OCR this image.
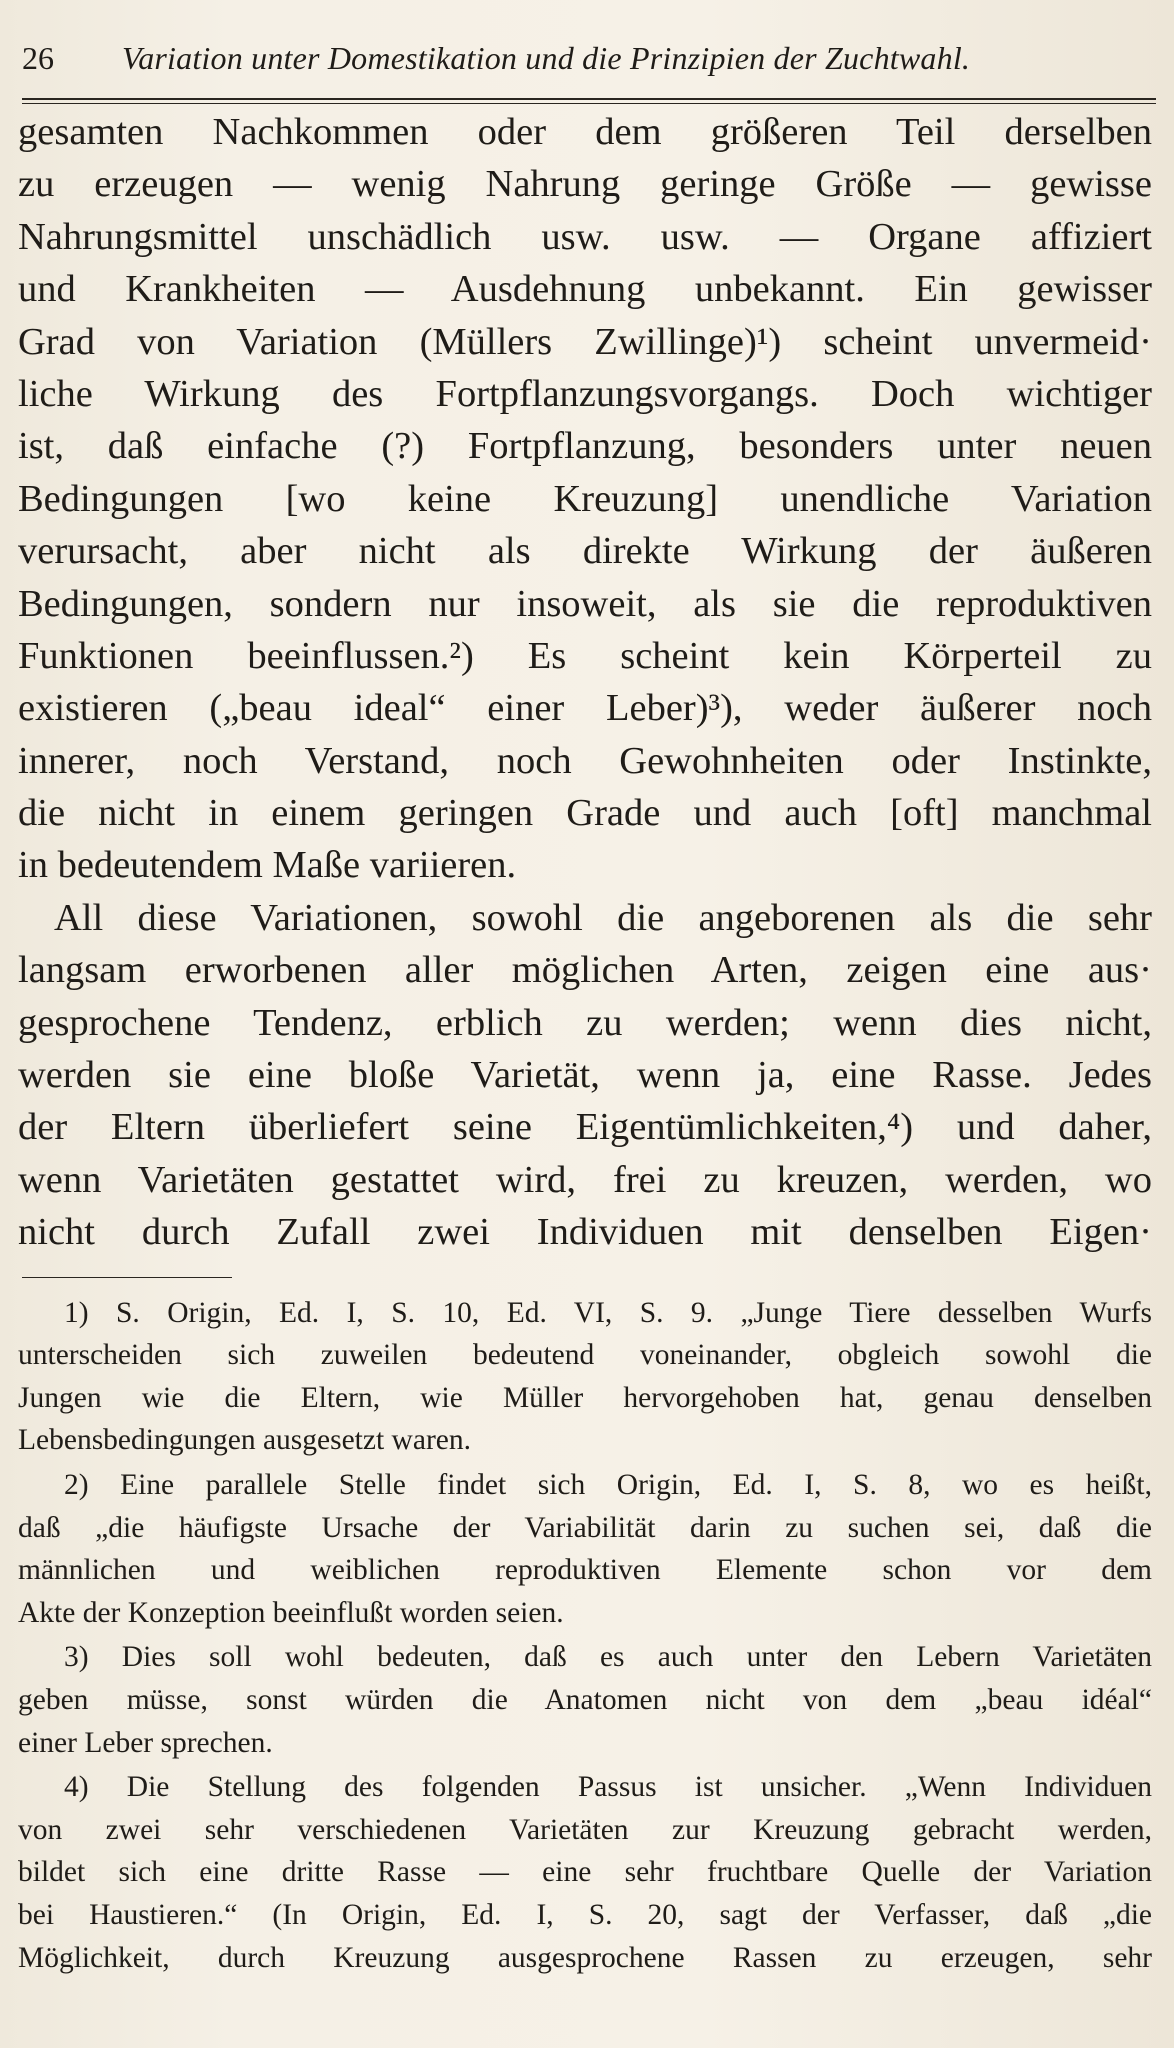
26	Variation unter Domestikation und die Prinzipien der Zuchtwahl.
gesamten Nachkommen oder dem größeren Teil derselben
zu erzeugen — wenig Nahrung geringe Größe — gewisse
Nahrungsmittel unschädlich usw. usw. — Organe affiziert
und Krankheiten — Ausdehnung unbekannt. Ein gewisser
Grad von Variation (Müllers Zwillinge)¹) scheint unvermeid·
liche Wirkung des Fortpflanzungsvorgangs. Doch wichtiger
ist, daß einfache (?) Fortpflanzung, besonders unter neuen
Bedingungen [wo keine Kreuzung] unendliche Variation
verursacht, aber nicht als direkte Wirkung der äußeren
Bedingungen, sondern nur insoweit, als sie die reproduktiven
Funktionen beeinflussen.²) Es scheint kein Körperteil zu
existieren („beau ideal“ einer Leber)³), weder äußerer noch
innerer, noch Verstand, noch Gewohnheiten oder Instinkte,
die nicht in einem geringen Grade und auch [oft] manchmal
in bedeutendem Maße variieren.
All diese Variationen, sowohl die angeborenen als die sehr
langsam erworbenen aller möglichen Arten, zeigen eine aus·
gesprochene Tendenz, erblich zu werden; wenn dies nicht,
werden sie eine bloße Varietät, wenn ja, eine Rasse. Jedes
der Eltern überliefert seine Eigentümlichkeiten,⁴) und daher,
wenn Varietäten gestattet wird, frei zu kreuzen, werden, wo
nicht durch Zufall zwei Individuen mit denselben Eigen·
1) S. Origin, Ed. I, S. 10, Ed. VI, S. 9. „Junge Tiere desselben Wurfs
unterscheiden sich zuweilen bedeutend voneinander, obgleich sowohl die
Jungen wie die Eltern, wie Müller hervorgehoben hat, genau denselben
Lebensbedingungen ausgesetzt waren.
2) Eine parallele Stelle findet sich Origin, Ed. I, S. 8, wo es heißt,
daß „die häufigste Ursache der Variabilität darin zu suchen sei, daß die
männlichen und weiblichen reproduktiven Elemente schon vor dem
Akte der Konzeption beeinflußt worden seien.
3) Dies soll wohl bedeuten, daß es auch unter den Lebern Varietäten
geben müsse, sonst würden die Anatomen nicht von dem „beau idéal“
einer Leber sprechen.
4) Die Stellung des folgenden Passus ist unsicher. „Wenn Individuen
von zwei sehr verschiedenen Varietäten zur Kreuzung gebracht werden,
bildet sich eine dritte Rasse — eine sehr fruchtbare Quelle der Variation
bei Haustieren.“ (In Origin, Ed. I, S. 20, sagt der Verfasser, daß „die
Möglichkeit, durch Kreuzung ausgesprochene Rassen zu erzeugen, sehr
